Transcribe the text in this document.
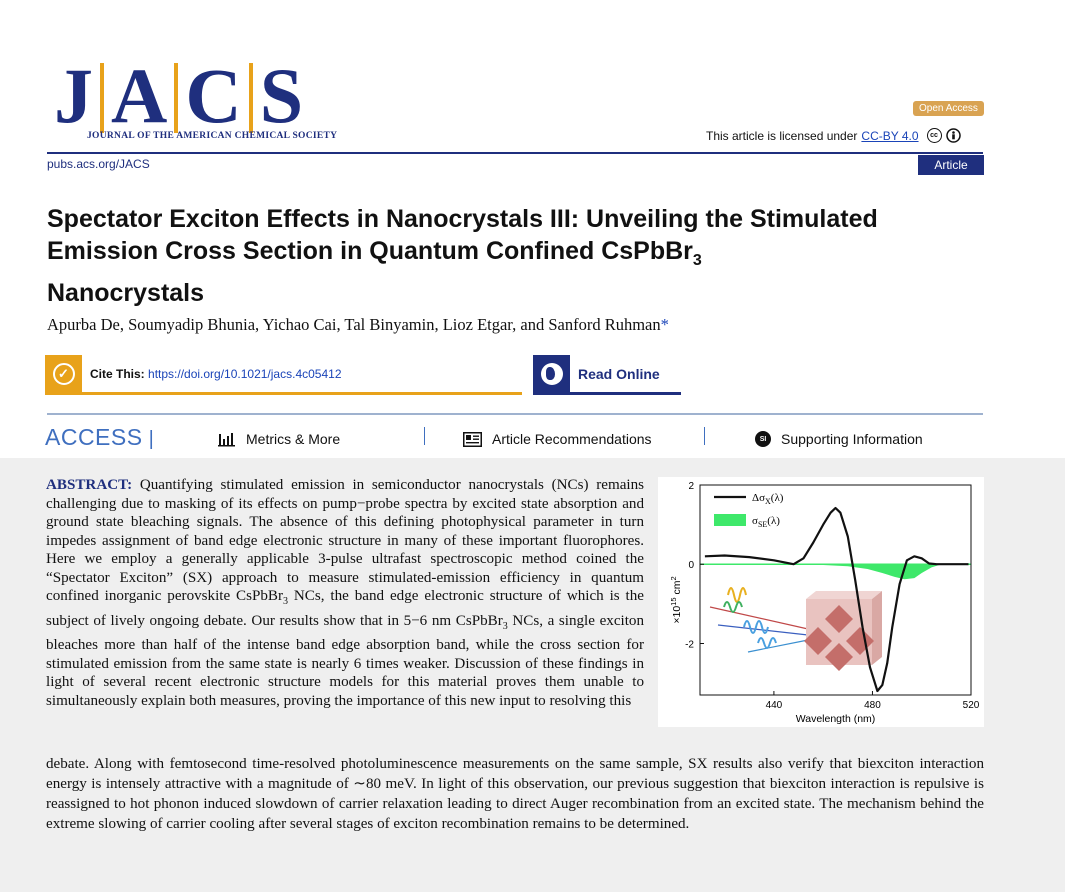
J A C S
JOURNAL OF THE AMERICAN CHEMICAL SOCIETY
Open Access
This article is licensed under CC-BY 4.0	cc
pubs.acs.org/JACS	Article
Spectator Exciton Effects in Nanocrystals III: Unveiling the Stimulated Emission Cross Section in Quantum Confined CsPbBr$_3$
Nanocrystals
Apurba De, Soumyadip Bhunia, Yichao Cai, Tal Binyamin, Lioz Etgar, and Sanford Ruhman*
✓	Cite This: https://doi.org/10.1021/jacs.4c05412	Read Online
ACCESS |	Metrics & More	Article Recommendations	SI	Supporting Information
ABSTRACT: Quantifying stimulated emission in semiconductor nanocrystals (NCs) remains challenging due to masking of its effects on pump−probe spectra by excited state absorption and ground state bleaching signals. The absence of this defining photophysical parameter in turn impedes assignment of band edge electronic structure in many of these important fluorophores. Here we employ a generally applicable 3-pulse ultrafast spectroscopic method coined the “Spectator Exciton” (SX) approach to measure stimulated-emission efficiency in quantum confined inorganic perovskite CsPbBr$_3$ NCs, the band edge electronic structure of which is the subject of lively ongoing debate. Our results show that in 5−6 nm CsPbBr$_3$ NCs, a single exciton bleaches more than half of the intense band edge absorption band, while the cross section for stimulated emission from the same state is nearly 6 times weaker. Discussion of these findings in light of several recent electronic structure models for this material proves them unable to simultaneously explain both measures, proving the importance of this new input to resolving this
debate. Along with femtosecond time-resolved photoluminescence measurements on the same sample, SX results also verify that biexciton interaction energy is intensely attractive with a magnitude of ∼80 meV. In light of this observation, our previous suggestion that biexciton interaction is repulsive is reassigned to hot phonon induced slowdown of carrier relaxation leading to direct Auger recombination from an excited state. The mechanism behind the extreme slowing of carrier cooling after several stages of exciton recombination remains to be determined.
440	480	520
2
0
-2
Wavelength (nm)
$\times 10^{15}$ $cm^2$
$\Delta\sigma_X(\lambda)$
$\sigma_{SE}(\lambda)$
